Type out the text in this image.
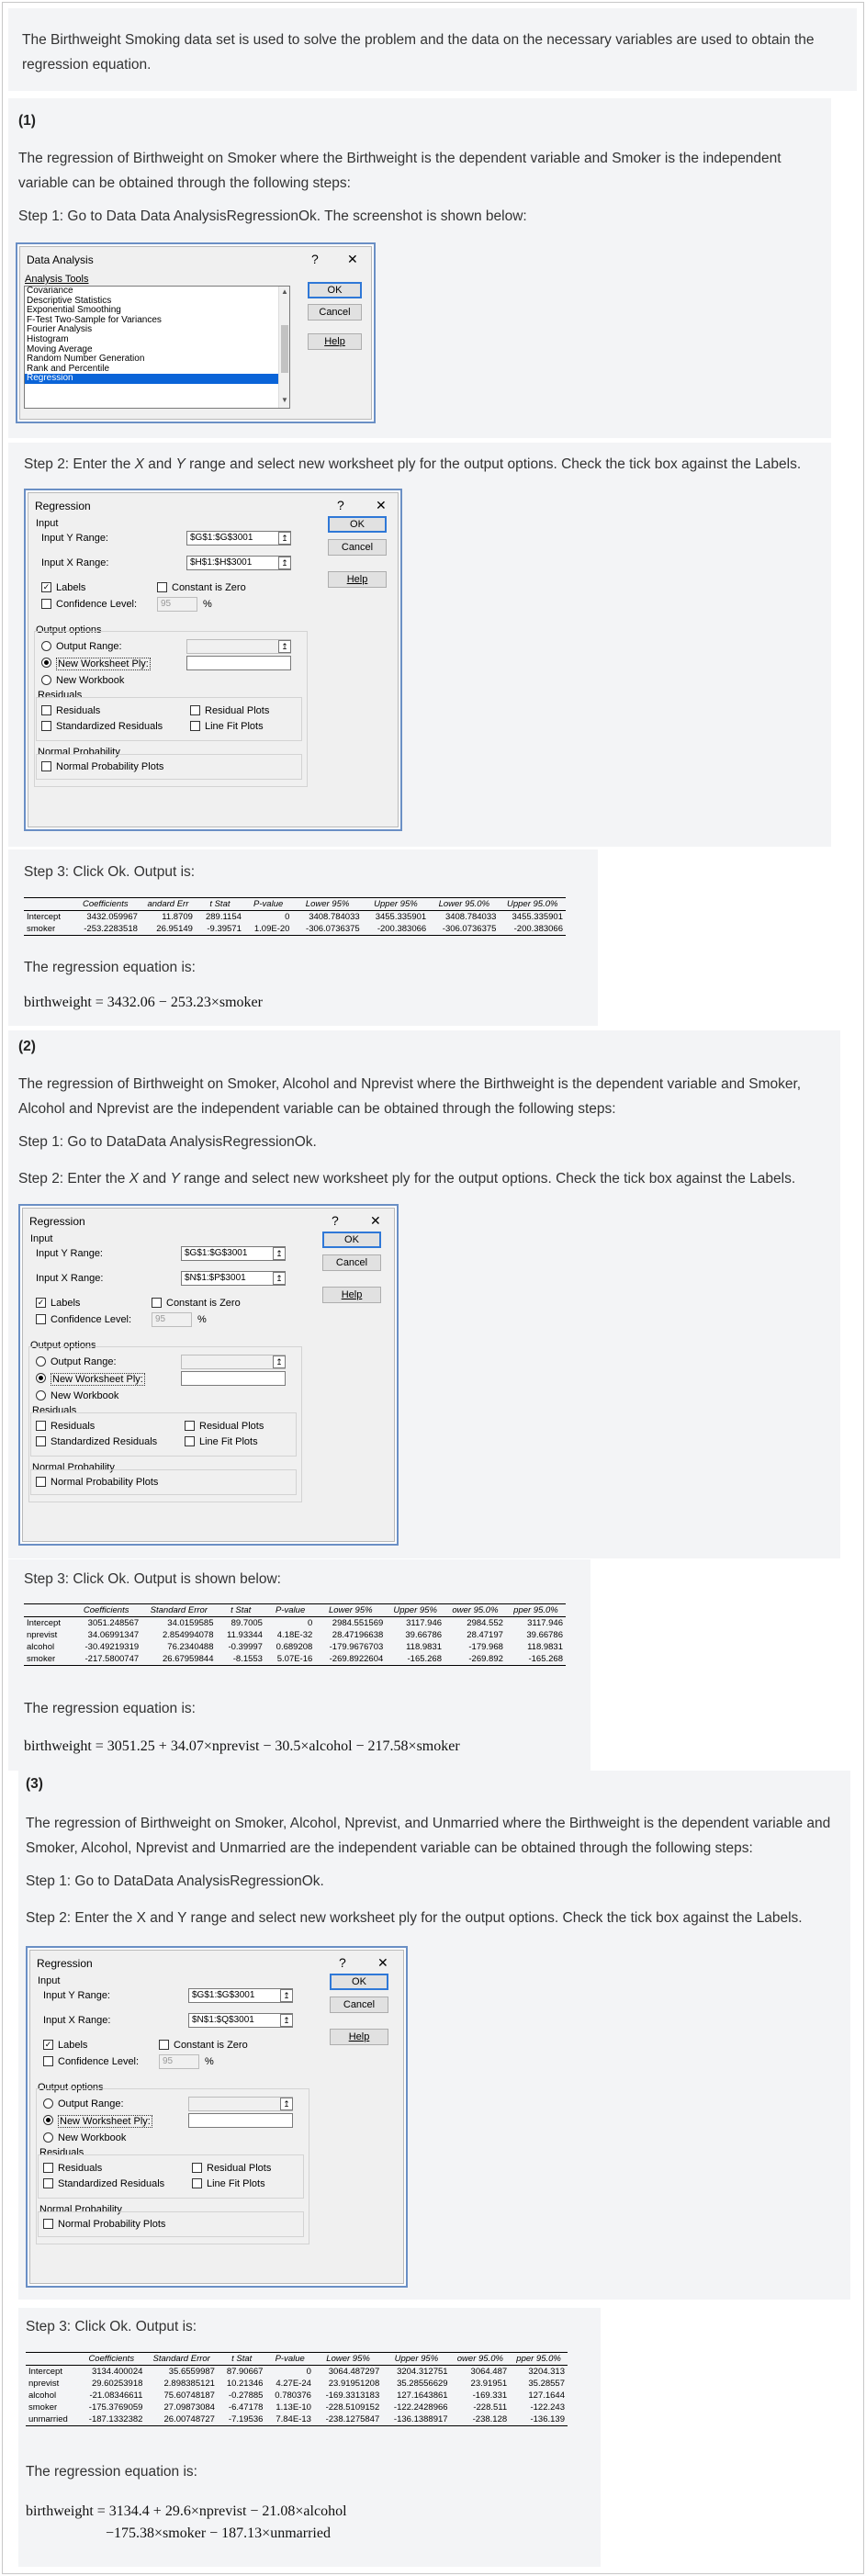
The Birthweight Smoking data set is used to solve the problem and the data on the necessary variables are used to obtain the regression equation.
(1)
The regression of Birthweight on Smoker where the Birthweight is the dependent variable and Smoker is the independent variable can be obtained through the following steps:
Step 1: Go to Data Data AnalysisRegressionOk. The screenshot is shown below:
Data Analysis	? ✕
Analysis Tools
Covariance
Descriptive Statistics
Exponential Smoothing
F-Test Two-Sample for Variances
Fourier Analysis
Histogram
Moving Average
Random Number Generation
Rank and Percentile
Regression
▲
▼
OK
Cancel
Help
Step 2: Enter the X and Y range and select new worksheet ply for the output options. Check the tick box against the Labels.
Regression	? ✕
Input
Input Y Range:	$G$1:$G$3001	↥
Input X Range:	$H$1:$H$3001	↥
✓ Labels	Constant is Zero
Confidence Level:	95	%
Output options
Output Range:	↥
New Worksheet Ply:
New Workbook
Residuals
Residuals	Residual Plots
Standardized Residuals	Line Fit Plots
Normal Probability
Normal Probability Plots
OK
Cancel
Help
Step 3: Click Ok. Output is:
	Coefficients	andard Err	t Stat	P-value	Lower 95%	Upper 95%	Lower 95.0%	Upper 95.0%
Intercept	3432.059967	11.8709	289.1154	0	3408.784033	3455.335901	3408.784033	3455.335901
smoker	-253.2283518	26.95149	-9.39571	1.09E-20	-306.0736375	-200.383066	-306.0736375	-200.383066
The regression equation is:
birthweight = 3432.06 − 253.23×smoker
(2)
The regression of Birthweight on Smoker, Alcohol and Nprevist where the Birthweight is the dependent variable and Smoker, Alcohol and Nprevist are the independent variable can be obtained through the following steps:
Step 1: Go to DataData AnalysisRegressionOk.
Step 2: Enter the X and Y range and select new worksheet ply for the output options. Check the tick box against the Labels.
Regression	? ✕
Input
Input Y Range:	$G$1:$G$3001	↥
Input X Range:	$N$1:$P$3001	↥
✓ Labels	Constant is Zero
Confidence Level:	95	%
Output options
Output Range:	↥
New Worksheet Ply:
New Workbook
Residuals
Residuals	Residual Plots
Standardized Residuals	Line Fit Plots
Normal Probability
Normal Probability Plots
OK
Cancel
Help
Step 3: Click Ok. Output is shown below:
	Coefficients	Standard Error	t Stat	P-value	Lower 95%	Upper 95%	ower 95.0%	pper 95.0%
Intercept	3051.248567	34.0159585	89.7005	0	2984.551569	3117.946	2984.552	3117.946
nprevist	34.06991347	2.854994078	11.93344	4.18E-32	28.47196638	39.66786	28.47197	39.66786
alcohol	-30.49219319	76.2340488	-0.39997	0.689208	-179.9676703	118.9831	-179.968	118.9831
smoker	-217.5800747	26.67959844	-8.1553	5.07E-16	-269.8922604	-165.268	-269.892	-165.268
The regression equation is:
birthweight = 3051.25 + 34.07×nprevist − 30.5×alcohol − 217.58×smoker
(3)
The regression of Birthweight on Smoker, Alcohol, Nprevist, and Unmarried where the Birthweight is the dependent variable and Smoker, Alcohol, Nprevist and Unmarried are the independent variable can be obtained through the following steps:
Step 1: Go to DataData AnalysisRegressionOk.
Step 2: Enter the X and Y range and select new worksheet ply for the output options. Check the tick box against the Labels.
Regression	? ✕
Input
Input Y Range:	$G$1:$G$3001	↥
Input X Range:	$N$1:$Q$3001	↥
✓ Labels	Constant is Zero
Confidence Level:	95	%
Output options
Output Range:	↥
New Worksheet Ply:
New Workbook
Residuals
Residuals	Residual Plots
Standardized Residuals	Line Fit Plots
Normal Probability
Normal Probability Plots
OK
Cancel
Help
Step 3: Click Ok. Output is:
	Coefficients	Standard Error	t Stat	P-value	Lower 95%	Upper 95%	ower 95.0%	pper 95.0%
Intercept	3134.400024	35.6559987	87.90667	0	3064.487297	3204.312751	3064.487	3204.313
nprevist	29.60253918	2.898385121	10.21346	4.27E-24	23.91951208	35.28556629	23.91951	35.28557
alcohol	-21.08346611	75.60748187	-0.27885	0.780376	-169.3313183	127.1643861	-169.331	127.1644
smoker	-175.3769059	27.09873084	-6.47178	1.13E-10	-228.5109152	-122.2428966	-228.511	-122.243
unmarried	-187.1332382	26.00748727	-7.19536	7.84E-13	-238.1275847	-136.1388917	-238.128	-136.139
The regression equation is:
birthweight = 3134.4 + 29.6×nprevist − 21.08×alcohol
−175.38×smoker − 187.13×unmarried
